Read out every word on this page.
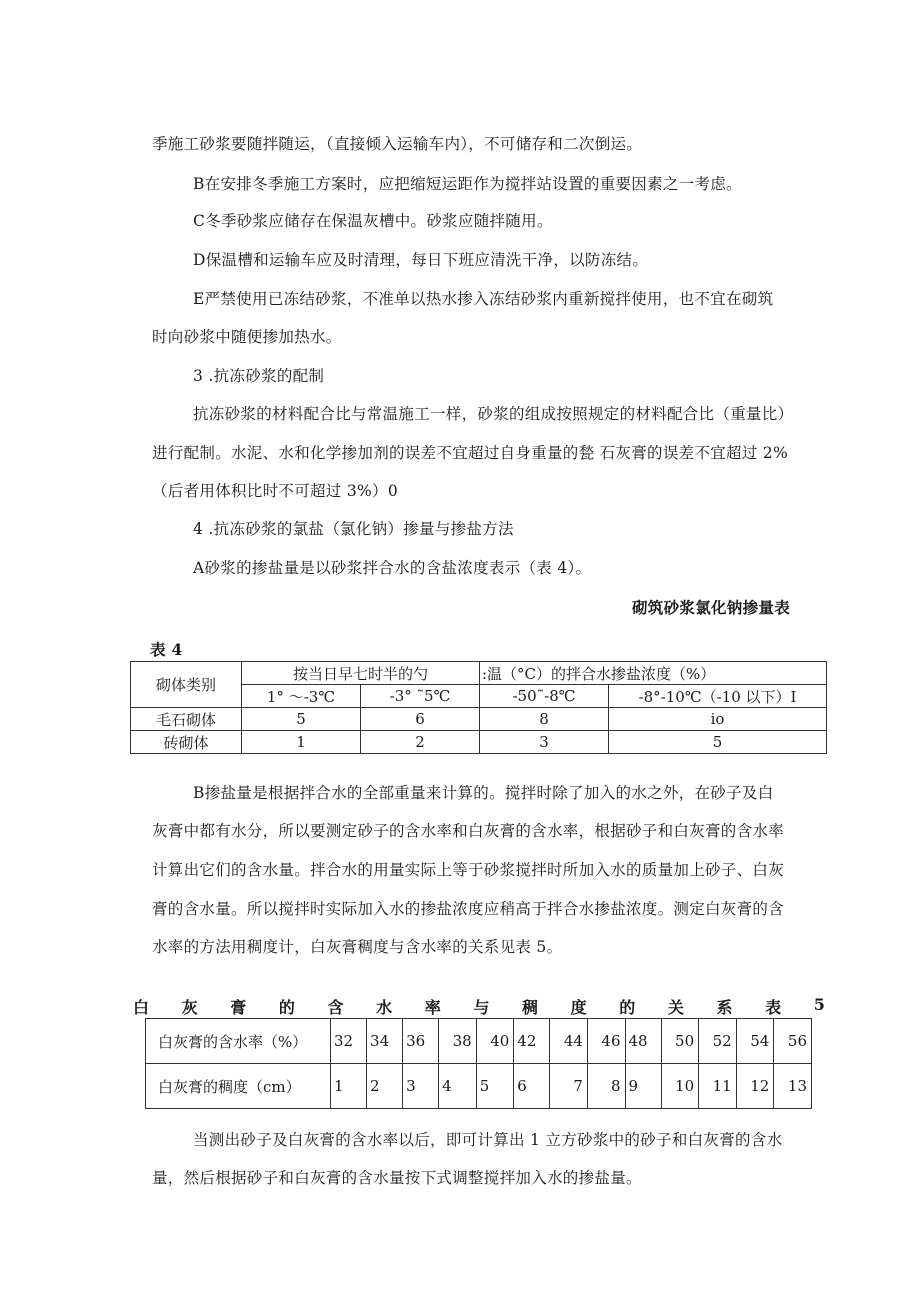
季施工砂浆要随拌随运，（直接倾入运输车内），不可储存和二次倒运。
B在安排冬季施工方案时，应把缩短运距作为搅拌站设置的重要因素之一考虑。
C冬季砂浆应储存在保温灰槽中。砂浆应随拌随用。
D保温槽和运输车应及时清理，每日下班应清洗干净，以防冻结。
E严禁使用已冻结砂浆，不准单以热水掺入冻结砂浆内重新搅拌使用，也不宜在砌筑
时向砂浆中随便掺加热水。
3 .抗冻砂浆的配制
抗冻砂浆的材料配合比与常温施工一样，砂浆的组成按照规定的材料配合比（重量比）
进行配制。水泥、水和化学掺加剂的误差不宜超过自身重量的甃 石灰膏的误差不宜超过 2%
（后者用体积比时不可超过 3%）0
4 .抗冻砂浆的氯盐（氯化钠）掺量与掺盐方法
A砂浆的掺盐量是以砂浆拌合水的含盐浓度表示（表 4）。
砌筑砂浆氯化钠掺量表
表 4
砌体类别	按当日早七时半的勺		:温（°C）的拌合水掺盐浓度（%）	
	1° ～-3℃	-3° ˜5℃	-50˜-8℃	-8°-10℃（-10 以下）I
毛石砌体	5	6	8	io
砖砌体	1	2	3	5
B掺盐量是根据拌合水的全部重量来计算的。搅拌时除了加入的水之外，在砂子及白
灰膏中都有水分，所以要测定砂子的含水率和白灰膏的含水率，根据砂子和白灰膏的含水率
计算出它们的含水量。拌合水的用量实际上等于砂浆搅拌时所加入水的质量加上砂子、白灰
膏的含水量。所以搅拌时实际加入水的掺盐浓度应稍高于拌合水掺盐浓度。测定白灰膏的含
水率的方法用稠度计，白灰膏稠度与含水率的关系见表 5。
白 灰 膏 的 含 水 率 与 稠 度 的 关 系 表 5
白灰膏的含水率（%）	32	34	36	38	40	42	44	46	48	50	52	54	56
白灰膏的稠度（cm）	1	2	3	4	5	6	7	8	9	10	11	12	13
当测出砂子及白灰膏的含水率以后，即可计算出 1 立方砂浆中的砂子和白灰膏的含水
量，然后根据砂子和白灰膏的含水量按下式调整搅拌加入水的掺盐量。
